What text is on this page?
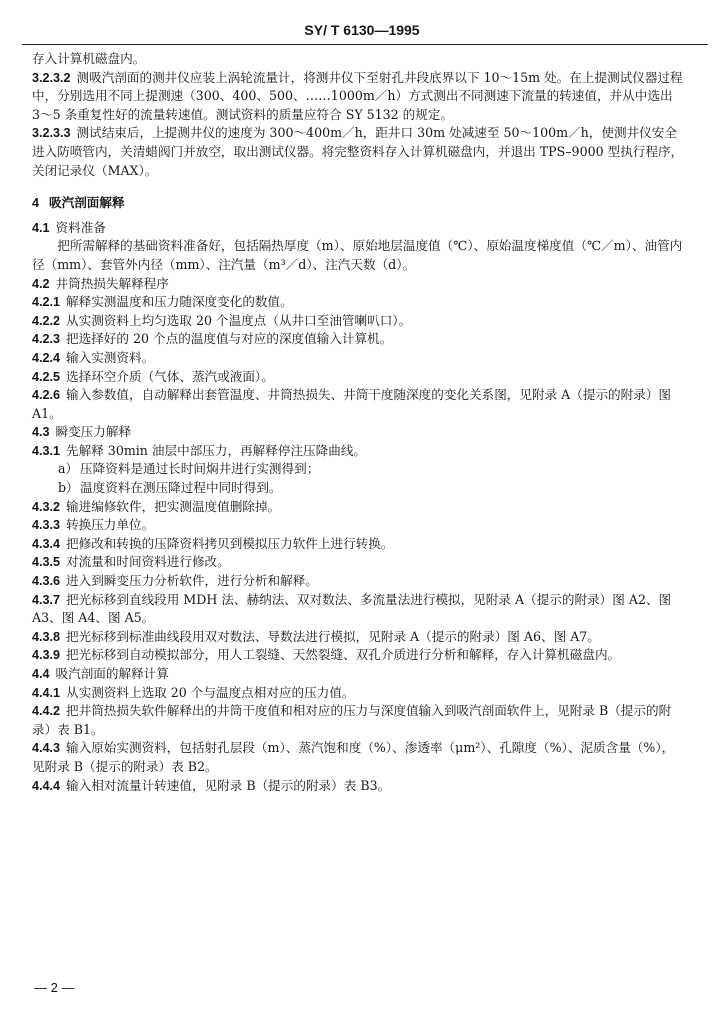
SY/ T 6130—1995

存入计算机磁盘内。

3.2.3.2 测吸汽剖面的测井仪应装上涡轮流量计，将测井仪下至射孔井段底界以下 10～15m 处。在上提测试仪器过程中，分别选用不同上提测速（300、400、500、……1000m／h）方式测出不同测速下流量的转速值，并从中选出 3～5 条重复性好的流量转速值。测试资料的质量应符合 SY 5132 的规定。

3.2.3.3 测试结束后，上提测井仪的速度为 300～400m／h，距井口 30m 处减速至 50～100m／h，使测井仪安全进入防喷管内，关清蜡阀门并放空，取出测试仪器。将完整资料存入计算机磁盘内，并退出 TPS–9000 型执行程序，关闭记录仪（MAX）。

4 吸汽剖面解释

4.1 资料准备

把所需解释的基础资料准备好，包括隔热厚度（m）、原始地层温度值（℃）、原始温度梯度值（℃／m）、油管内径（mm）、套管外内径（mm）、注汽量（m³／d）、注汽天数（d）。

4.2 井筒热损失解释程序

4.2.1 解释实测温度和压力随深度变化的数值。

4.2.2 从实测资料上均匀选取 20 个温度点（从井口至油管喇叭口）。

4.2.3 把选择好的 20 个点的温度值与对应的深度值输入计算机。

4.2.4 输入实测资料。

4.2.5 选择环空介质（气体、蒸汽或液面）。

4.2.6 输入参数值，自动解释出套管温度、井筒热损失、井筒干度随深度的变化关系图，见附录 A（提示的附录）图 A1。

4.3 瞬变压力解释

4.3.1 先解释 30min 油层中部压力，再解释停注压降曲线。

a） 压降资料是通过长时间焖井进行实测得到；

b）温度资料在测压降过程中同时得到。

4.3.2 输进编修软件，把实测温度值删除掉。

4.3.3 转换压力单位。

4.3.4 把修改和转换的压降资料拷贝到模拟压力软件上进行转换。

4.3.5 对流量和时间资料进行修改。

4.3.6 进入到瞬变压力分析软件，进行分析和解释。

4.3.7 把光标移到直线段用 MDH 法、赫纳法、双对数法、多流量法进行模拟，见附录 A（提示的附录）图 A2、图 A3、图 A4、图 A5。

4.3.8 把光标移到标准曲线段用双对数法、导数法进行模拟，见附录 A（提示的附录）图 A6、图 A7。

4.3.9 把光标移到自动模拟部分，用人工裂缝、天然裂缝、双孔介质进行分析和解释，存入计算机磁盘内。

4.4 吸汽剖面的解释计算

4.4.1 从实测资料上选取 20 个与温度点相对应的压力值。

4.4.2 把井筒热损失软件解释出的井筒干度值和相对应的压力与深度值输入到吸汽剖面软件上，见附录 B（提示的附录）表 B1。

4.4.3 输入原始实测资料，包括射孔层段（m）、蒸汽饱和度（%）、渗透率（μm²）、孔隙度（%）、泥质含量（%），见附录 B（提示的附录）表 B2。

4.4.4 输入相对流量计转速值，见附录 B（提示的附录）表 B3。

— 2 —
